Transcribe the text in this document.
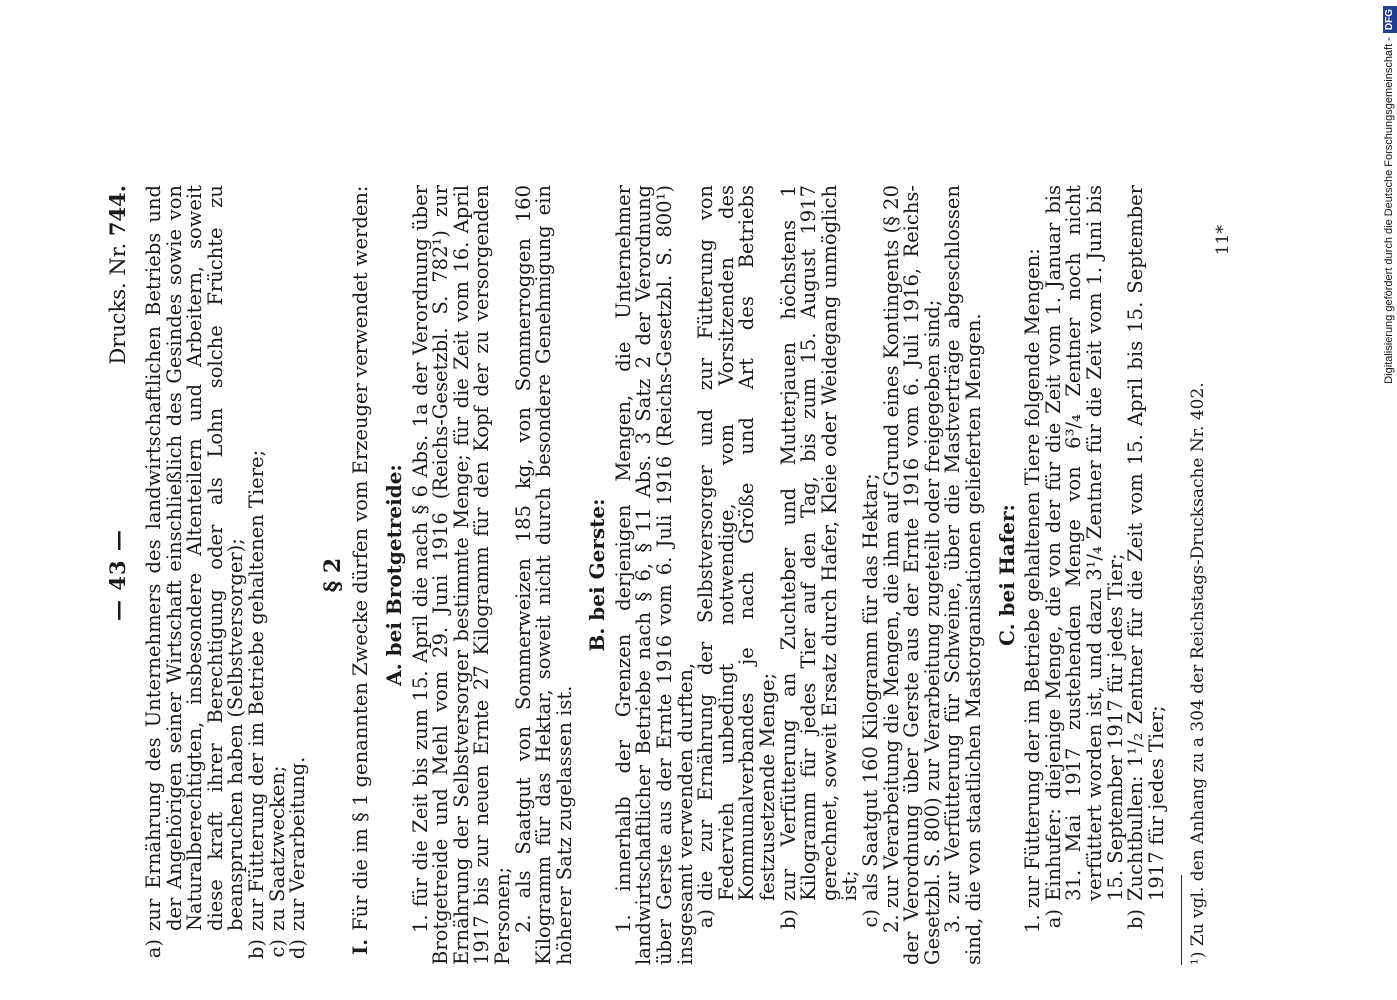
— 43 —
Drucks. Nr. 744.
a)
zur Ernährung des Unternehmers des landwirtschaftlichen Betriebs und der Angehörigen seiner Wirtschaft einschließlich des Gesindes sowie von Naturalberechtigten, insbesondere Altenteilern und Arbeitern, soweit diese kraft ihrer Berechtigung oder als Lohn solche Früchte zu beanspruchen haben (Selbstversorger);
b)
zur Fütterung der im Betriebe gehaltenen Tiere;
c)
zu Saatzwecken;
d)
zur Verarbeitung.
§ 2
I.
Für die im § 1 genannten Zwecke dürfen vom Erzeuger verwendet werden: A. bei Brotgetreide: 1. für die Zeit bis zum 15. April die nach § 6 Abs. 1a der Verordnung über Brotgetreide und Mehl vom 29. Juni 1916 (Reichs-Gesetzbl. S. 782¹) zur Ernährung der Selbstversorger bestimmte Menge; für die Zeit vom 16. April 1917 bis zur neuen Ernte 27 Kilogramm für den Kopf der zu versorgenden Personen;

2. als Saatgut von Sommerweizen 185 kg, von Sommerroggen 160 Kilogramm für das Hektar, soweit nicht durch besondere Genehmigung ein höherer Satz zugelassen ist.

B. bei Gerste: 1. innerhalb der Grenzen derjenigen Mengen, die Unternehmer landwirtschaftlicher Betriebe nach § 6, § 11 Abs. 3 Satz 2 der Verordnung über Gerste aus der Ernte 1916 vom 6. Juli 1916 (Reichs-Gesetzbl. S. 800¹) insgesamt verwenden durften,

a)
die zur Ernährung der Selbstversorger und zur Fütterung von Federvieh unbedingt notwendige, vom Vorsitzenden des Kommunalverbandes je nach Größe und Art des Betriebs festzusetzende Menge;
b)
zur Verfütterung an Zuchteber und Mutterjauen höchstens 1 Kilogramm für jedes Tier auf den Tag, bis zum 15. August 1917 gerechnet, soweit Ersatz durch Hafer, Kleie oder Weidegang unmöglich ist;
c)
als Saatgut 160 Kilogramm für das Hektar;

2. zur Verarbeitung die Mengen, die ihm auf Grund eines Kontingents (§ 20 der Verordnung über Gerste aus der Ernte 1916 vom 6. Juli 1916, Reichs-Gesetzbl. S. 800) zur Verarbeitung zugeteilt oder freigegeben sind;

3. zur Verfütterung für Schweine, über die Mastverträge abgeschlossen sind, die von staatlichen Mastorganisationen gelieferten Mengen. C. bei Hafer: 1. zur Fütterung der im Betriebe gehaltenen Tiere folgende Mengen:

a)
Einhufer: diejenige Menge, die von der für die Zeit vom 1. Januar bis 31. Mai 1917 zustehenden Menge von 6³/₄ Zentner noch nicht verfüttert worden ist, und dazu 3¹/₄ Zentner für die Zeit vom 1. Juni bis 15. September 1917 für jedes Tier;
b)
Zuchtbullen: 1¹/₂ Zentner für die Zeit vom 15. April bis 15. September 1917 für jedes Tier; ¹) Zu vgl. den Anhang zu a 304 der Reichstags-Drucksache Nr. 402.

11*	Digitalisierung gefördert durch die Deutsche Forschungsgemeinschaft -DFG
